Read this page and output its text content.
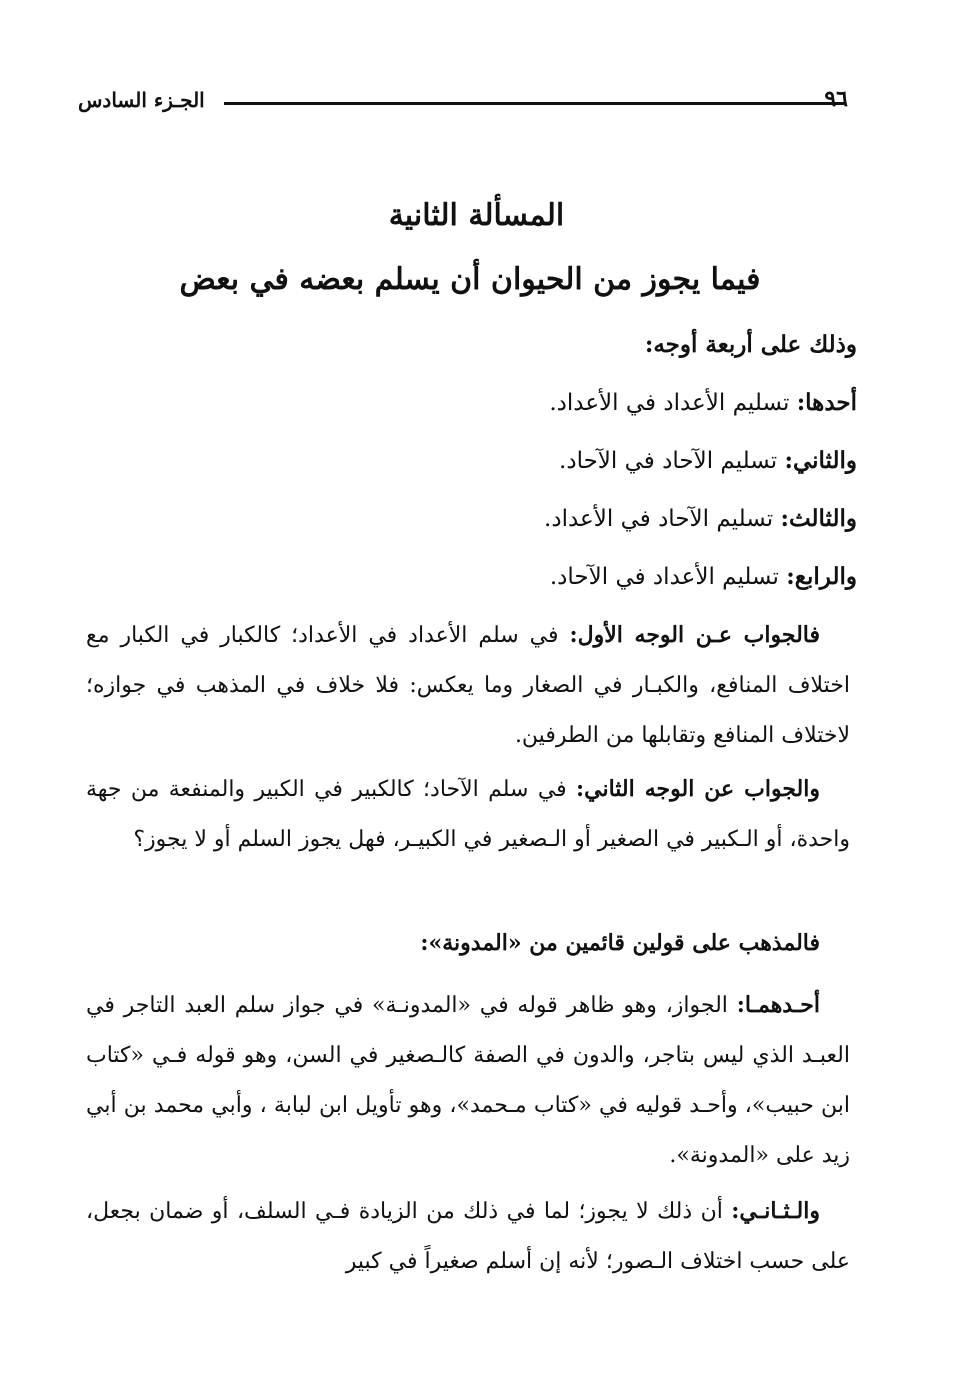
الجـزء السادس	٩٦
المسألة الثانية
فيما يجوز من الحيوان أن يسلم بعضه في بعض
وذلك على أربعة أوجه:
أحدها: تسليم الأعداد في الأعداد.
والثاني: تسليم الآحاد في الآحاد.
والثالث: تسليم الآحاد في الأعداد.
والرابع: تسليم الأعداد في الآحاد.
فالجواب عـن الوجه الأول: في سلم الأعداد في الأعداد؛ كالكبار في الكبار مع اختلاف المنافع، والكبـار في الصغار وما يعكس: فلا خلاف في المذهب في جوازه؛ لاختلاف المنافع وتقابلها من الطرفين.
والجواب عن الوجه الثاني: في سلم الآحاد؛ كالكبير في الكبير والمنفعة من جهة واحدة، أو الـكبير في الصغير أو الـصغير في الكبيـر، فهل يجوز السلم أو لا يجوز؟
فالمذهب على قولين قائمين من «المدونة»:
أحـدهمـا: الجواز، وهو ظاهر قوله في «المدونـة» في جواز سلم العبد التاجر في العبـد الذي ليس بتاجر، والدون في الصفة كالـصغير في السن، وهو قوله فـي «كتاب ابن حبيب»، وأحـد قوليه في «كتاب مـحمد»، وهو تأويل ابن لبابة ، وأبي محمد بن أبي زيد على «المدونة».
والـثـانـي: أن ذلك لا يجوز؛ لما في ذلك من الزيادة فـي السلف، أو ضمان بجعل، على حسب اختلاف الـصور؛ لأنه إن أسلم صغيراً في كبير
